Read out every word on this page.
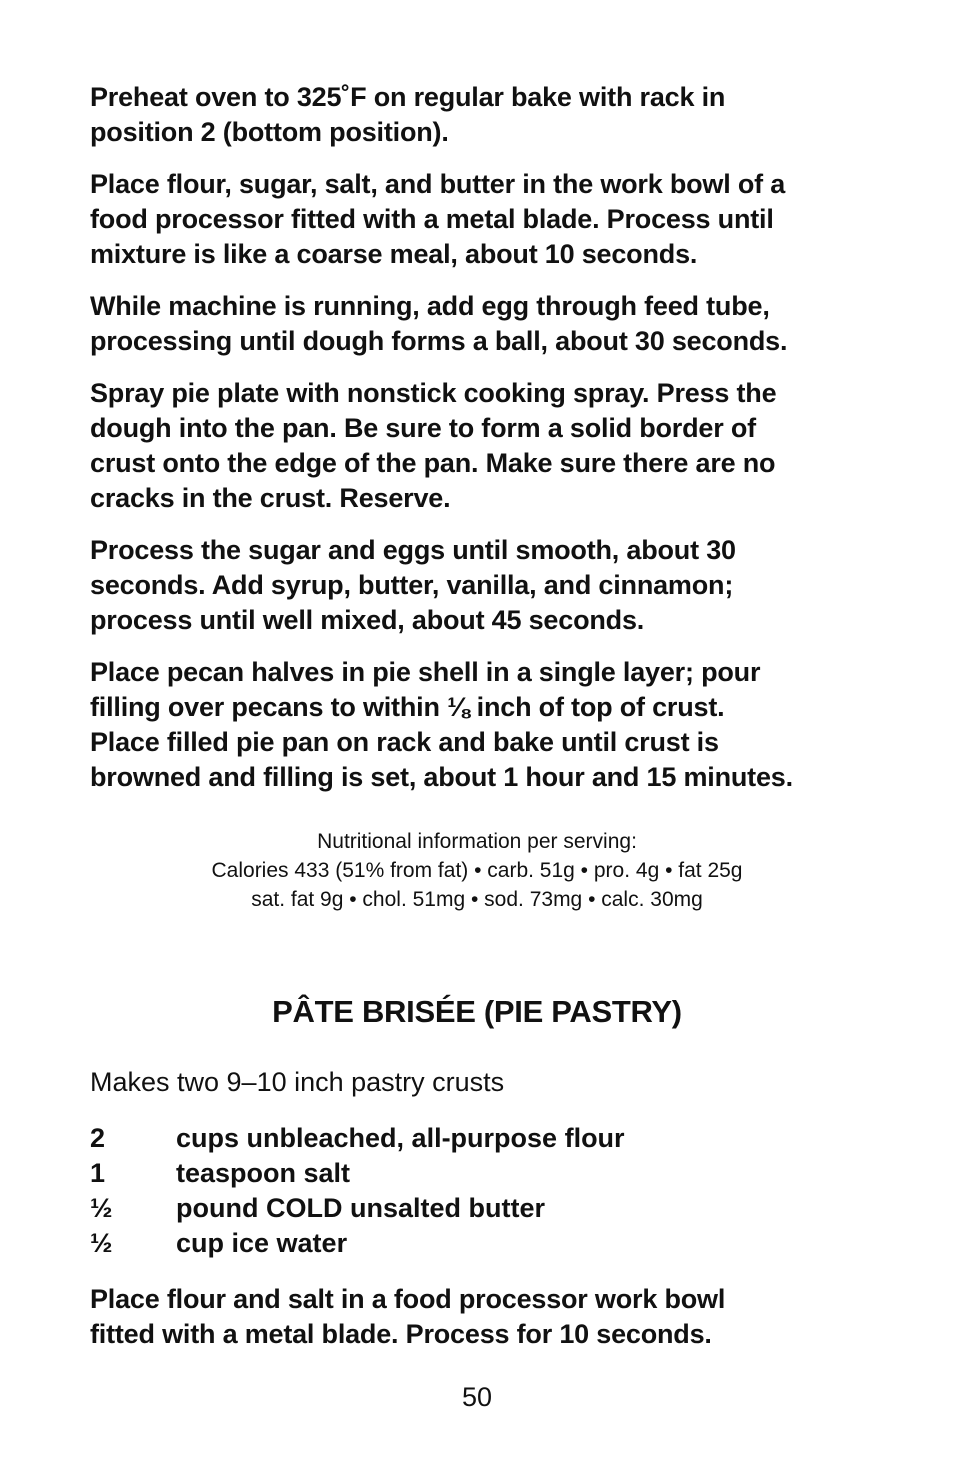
Preheat oven to 325˚F on regular bake with rack in
position 2 (bottom position).

Place flour, sugar, salt, and butter in the work bowl of a
food processor fitted with a metal blade. Process until
mixture is like a coarse meal, about 10 seconds.

While machine is running, add egg through feed tube,
processing until dough forms a ball, about 30 seconds.

Spray pie plate with nonstick cooking spray. Press the
dough into the pan. Be sure to form a solid border of
crust onto the edge of the pan. Make sure there are no
cracks in the crust. Reserve.

Process the sugar and eggs until smooth, about 30
seconds. Add syrup, butter, vanilla, and cinnamon;
process until well mixed, about 45 seconds.

Place pecan halves in pie shell in a single layer; pour
filling over pecans to within ⅛ inch of top of crust.
Place filled pie pan on rack and bake until crust is
browned and filling is set, about 1 hour and 15 minutes.

Nutritional information per serving:
Calories 433 (51% from fat) • carb. 51g • pro. 4g • fat 25g
sat. fat 9g • chol. 51mg • sod. 73mg • calc. 30mg
PÂTE BRISÉE (PIE PASTRY)
Makes two 9–10 inch pastry crusts
2	cups unbleached, all-purpose flour
1	teaspoon salt
½	pound COLD unsalted butter
½	cup ice water

Place flour and salt in a food processor work bowl
fitted with a metal blade. Process for 10 seconds.

50
